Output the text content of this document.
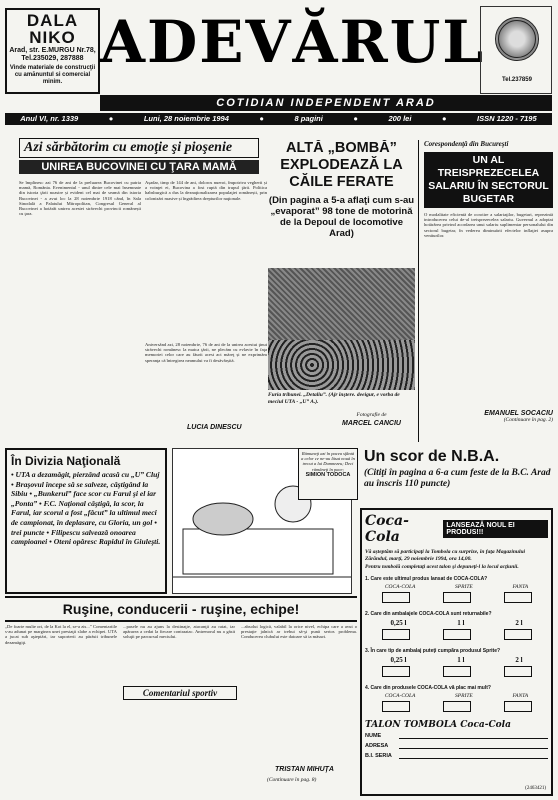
DALA NIKO
Arad, str. E.MURGU Nr.78, Tel.235029, 287888
Vinde materiale de construcţii cu amănuntul si comercial minim.
ADEVĂRUL
Tel.237859
COTIDIAN INDEPENDENT ARAD
Anul VI, nr. 1339	●	Luni, 28 noiembrie 1994	●	8 pagini	●	200 lei	●	ISSN 1220 - 7195
Azi sărbătorim cu emoţie şi pioşenie
UNIREA BUCOVINEI CU ŢARA MAMĂ
Se împlinesc azi 76 de ani de la preluarea Bucovinei cu patria mamă, România. Evenimentul - unul dintre cele mai însemnate din istoria ţării noastre și evident cel mai de seamă din istoria Bucovinei - a avut loc la 28 noiembrie 1918 când, în Sala Sinodală a Palatului Mitropolitan, Congresul General al Bucovinei a hotărât unirea acestei străvechi provincii românești cu ţara.
Așadar, timp de 144 de ani, doloros nueroi, împotriva vegherii și a voinţei ei, Bucovina a fost ruptă din trupul ţării. Politica habsburgică a dus la deznaţionalizarea populaţiei românești, prin colonizări masive și îngrădirea drepturilor naţionale.
Aniversând azi, 28 noiembrie, 76 de ani de la unirea acestui ţinut străvechi românesc la matca ţării, ne plecăm cu evlavie în faţa memoriei celor care au făurit acest act măreţ și ne exprimăm speranţa că întregirea neamului va fi desăvârșită.
LUCIA DINESCU
ALTĂ „BOMBĂ” EXPLODEAZĂ LA CĂILE FERATE
(Din pagina a 5-a aflaţi cum s-au „evaporat” 98 tone de motorină de la Depoul de locomotive Arad)
Furia tribunei. „Detaliu”. (Ajr înştere. deeigur, e vorba de meciul UTA - „U” A.).
Fotografie de
MARCEL CANCIU
Corespondenţă din Bucureşti
UN AL TREISPREZECELEA SALARIU ÎN SECTORUL BUGETAR
O modalitate eficientă de ocrotire a salariaţilor, bugetari, reprezintă introducerea celui de-al treisprezecelea salariu. Guvernul a adoptat hotărârea privind acordarea unui salariu suplimentar personalului din sectorul bugetar, în vederea diminuării efectelor inflaţiei asupra veniturilor.
EMANUEL SOCACIU
(Continuare în pag. 2)
În Divizia Naţională
• UTA a dezamăgit, pierzând acasă cu „U” Cluj • Braşovul începe să se salveze, câştigând la Sibiu • „Bunkerul” face scor cu Farul şi el iar „Ponta” • F.C. Naţional câştigă, la scor, la Farul, iar scorul a fost „făcut” la ultimul meci de campionat, în deplasare, cu Gloria, un gol • trei puncte • Filipescu salvează onoarea campioanei • Oteni opăresc Rapidul în Giuleşti.
Rămuneţi azi în pacea sfântă a celor ce ne-au lăsat nouă în trecut a lui Dumnezeu; Deci rămâneţi în pace;
SIMION TODOCA
Un scor de N.B.A.
(Citiţi în pagina a 6-a cum feste de la B.C. Arad au înscris 110 puncte)
Coca-Cola
LANSEAZĂ NOUL EI PRODUS!!!
Vă așteptăm să participaţi la Tombola cu surprize, în faţa Magazinului Zărăndul, marţi, 29 noiembrie 1994, ora 14,00.
Pentru tombolă completaţi acest talon şi depuneţi-l la locul acţiunii.
1. Care este ultimul produs lansat de COCA-COLA?
COCA-COLA	SPRITE	FANTA
2. Care din ambalajele COCA-COLA sunt returnabile?
0,25 l	1 l	2 l
3. În care tip de ambalaj puteţi cumpăra produsul Sprite?
0,25 l	1 l	2 l
4. Care din produsele COCA-COLA vă plac mai mult?
COCA-COLA	SPRITE	FANTA
TALON TOMBOLA Coca-Cola
NUME
ADRESA
B.I. SERIA
(2463421)
Ruşine, conducerii - ruşine, echipe!
„De foarte multe ori, de la Kot la el, se-a zis...” Comentariile s-au adunat pe marginea unei prestaţii slabe a echipei. UTA a jucat sub aşteptări, iar suporterii au părăsit tribunele dezamăgiţi.
...pasele nu au ajuns la destinaţie, atacanţii au ratat, iar apărarea a cedat la fiecare contraatac. Antrenorul nu a găsit soluţii pe parcursul meciului.
Comentariul sportiv
...absolut logică, valabil la orice nivel, echipa care a avut o prestaţie jalnică ar trebui să-şi pună serios problema. Conducerea clubului este datoare să ia măsuri.
TRISTAN MIHUŢA
(Continuare în pag. 8)
